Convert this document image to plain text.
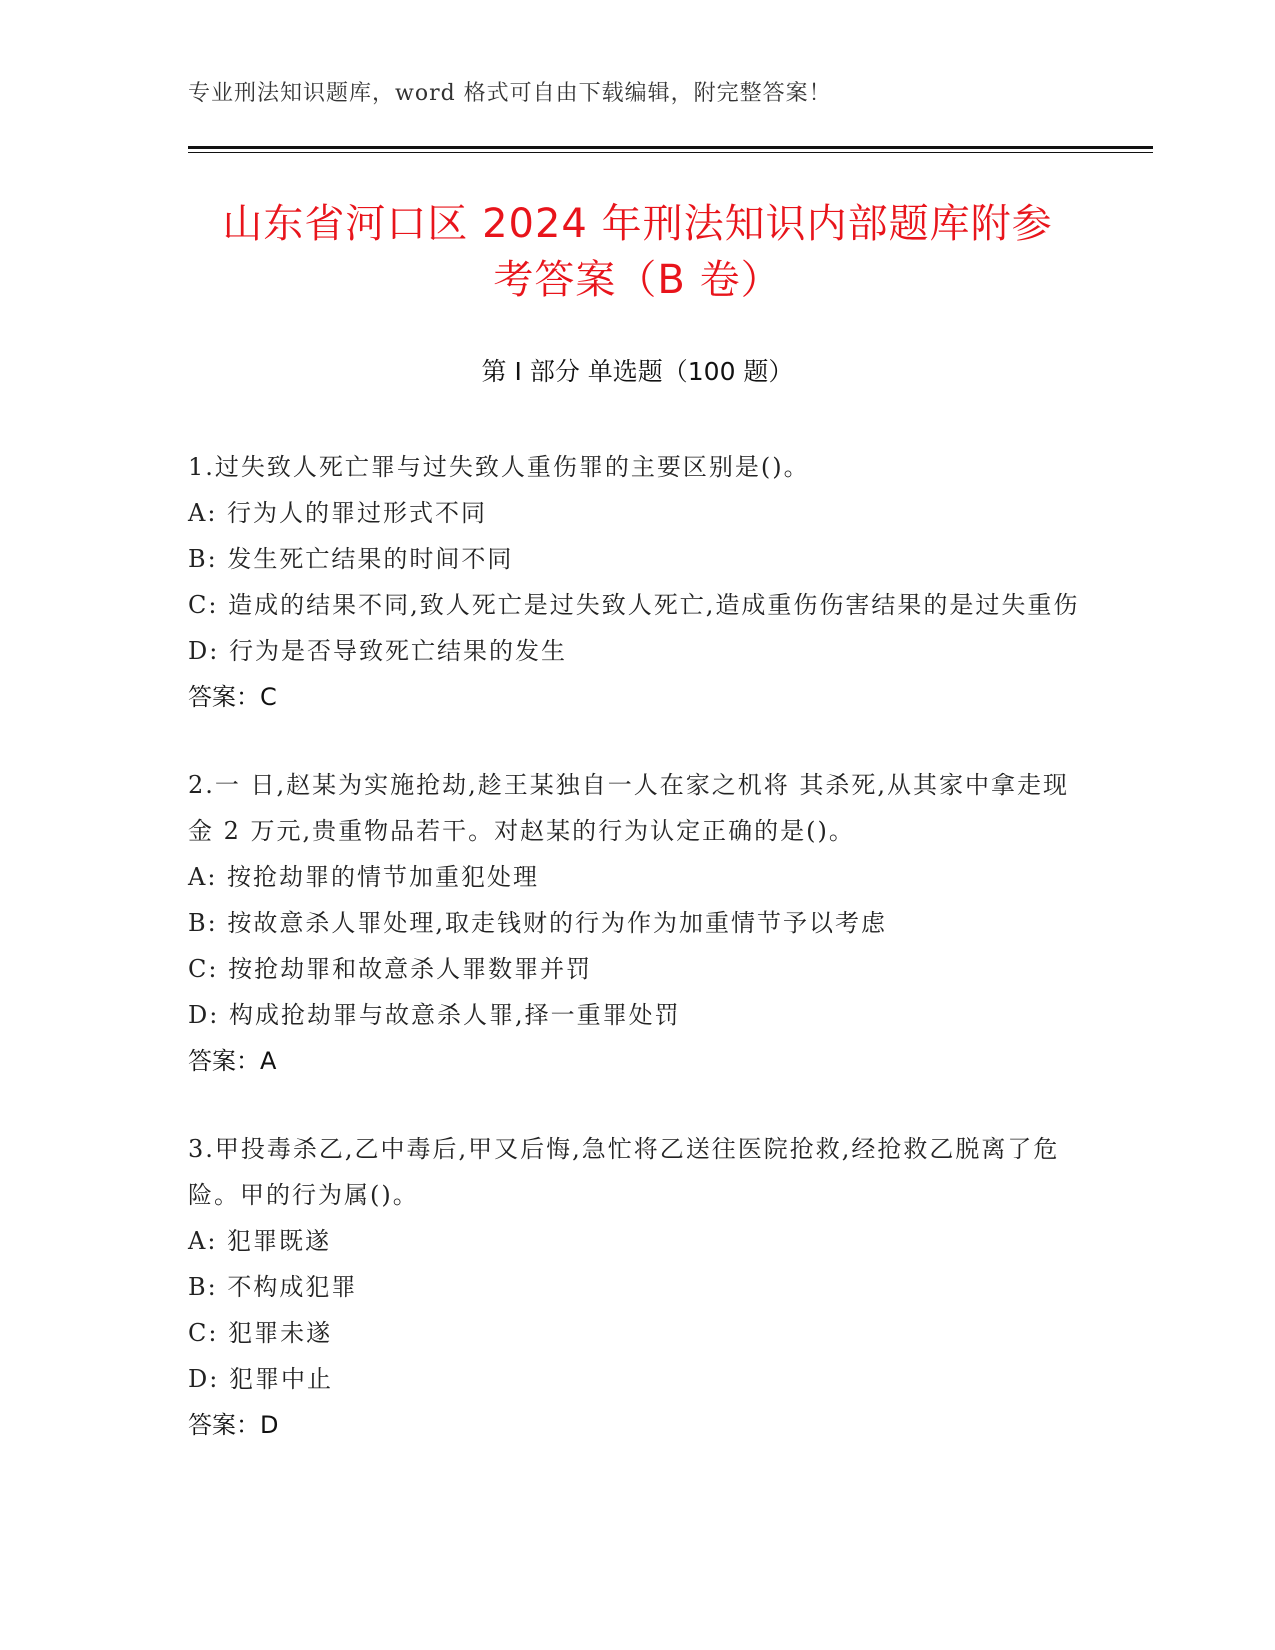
专业刑法知识题库，word 格式可自由下载编辑，附完整答案！
山东省河口区 2024 年刑法知识内部题库附参
考答案（B 卷）
第 I 部分 单选题（100 题）
1.过失致人死亡罪与过失致人重伤罪的主要区别是()。
A: 行为人的罪过形式不同
B: 发生死亡结果的时间不同
C: 造成的结果不同,致人死亡是过失致人死亡,造成重伤伤害结果的是过失重伤
D: 行为是否导致死亡结果的发生
答案：C
2.一 日,赵某为实施抢劫,趁王某独自一人在家之机将 其杀死,从其家中拿走现金 2 万元,贵重物品若干。对赵某的行为认定正确的是()。
A: 按抢劫罪的情节加重犯处理
B: 按故意杀人罪处理,取走钱财的行为作为加重情节予以考虑
C: 按抢劫罪和故意杀人罪数罪并罚
D: 构成抢劫罪与故意杀人罪,择一重罪处罚
答案：A
3.甲投毒杀乙,乙中毒后,甲又后悔,急忙将乙送往医院抢救,经抢救乙脱离了危险。甲的行为属()。
A: 犯罪既遂
B: 不构成犯罪
C: 犯罪未遂
D: 犯罪中止
答案：D
